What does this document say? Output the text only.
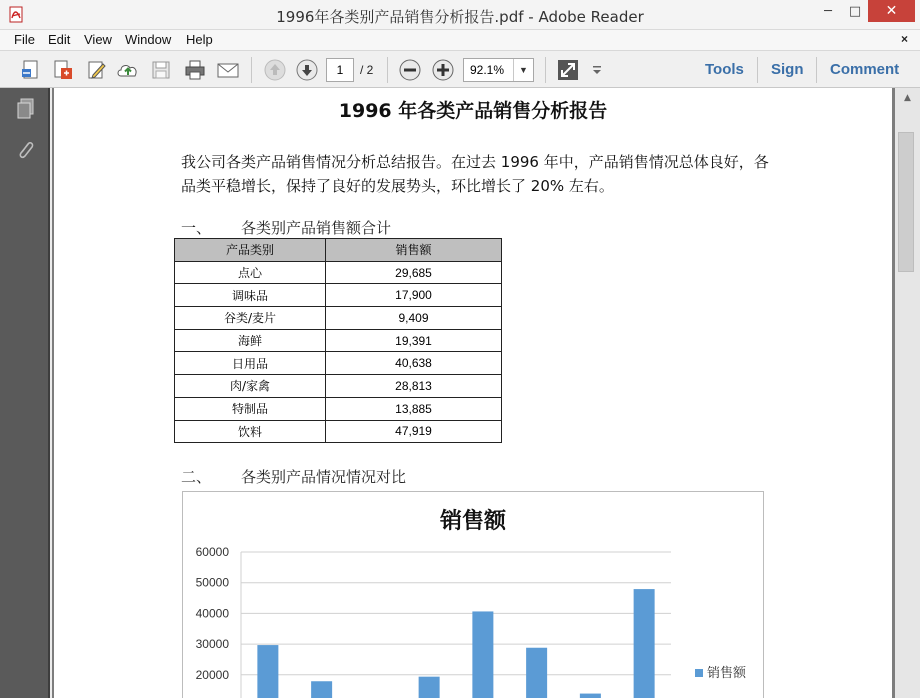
1996年各类别产品销售分析报告.pdf - Adobe Reader	─	□	✕
File Edit View Window Help	×
1	/ 2	92.1%	▼	Tools Sign Comment
1996 年各类产品销售分析报告
我公司各类产品销售情况分析总结报告。在过去 1996 年中，产品销售情况总体良好，各品类平稳增长，保持了良好的发展势头，环比增长了 20% 左右。
一、 各类别产品销售额合计
产品类别	销售额
点心	29,685
调味品	17,900
谷类/麦片	9,409
海鲜	19,391
日用品	40,638
肉/家禽	28,813
特制品	13,885
饮料	47,919
二、 各类别产品情况情况对比
销售额
60000
50000
40000
30000
20000	销售额
▲
